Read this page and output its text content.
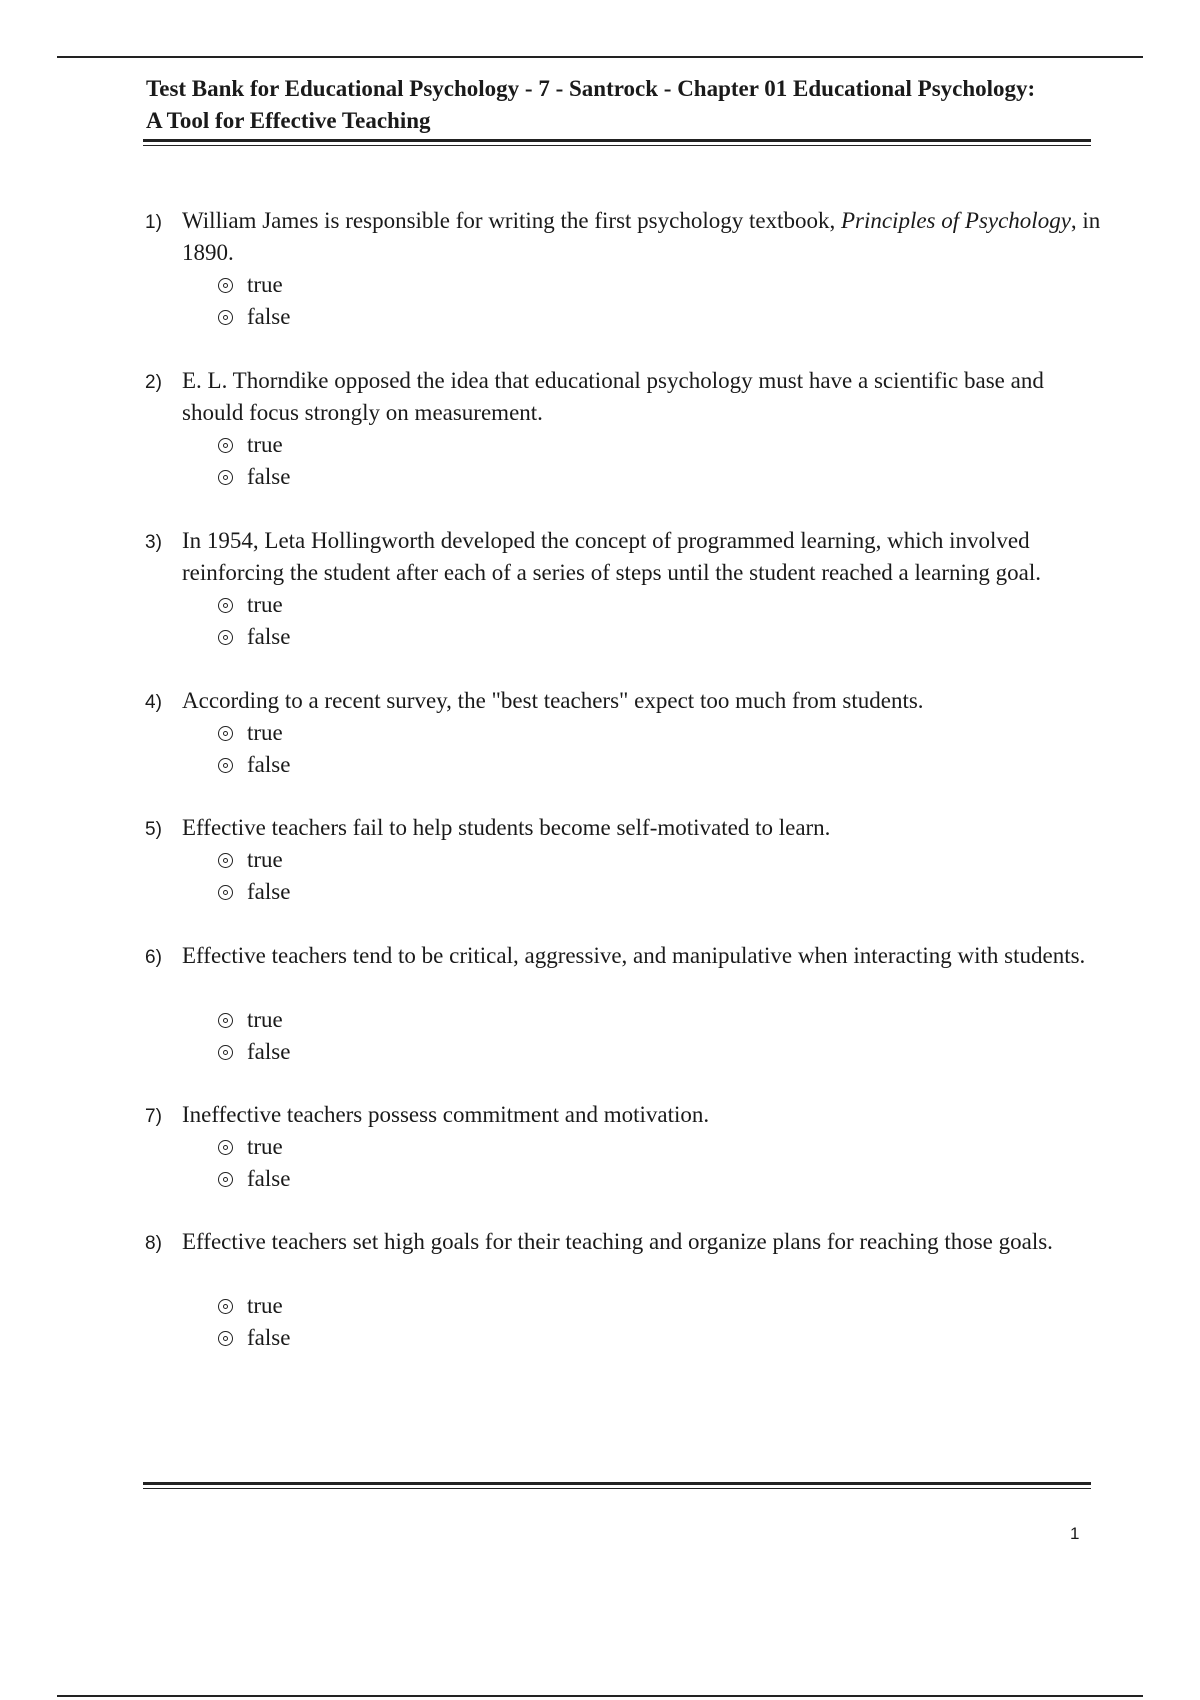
Test Bank for Educational Psychology - 7 - Santrock - Chapter 01 Educational Psychology:
A Tool for Effective Teaching
1) William James is responsible for writing the first psychology textbook, Principles of Psychology, in 1890.
true
false
2) E. L. Thorndike opposed the idea that educational psychology must have a scientific base and should focus strongly on measurement.
true
false
3) In 1954, Leta Hollingworth developed the concept of programmed learning, which involved reinforcing the student after each of a series of steps until the student reached a learning goal.
true
false
4) According to a recent survey, the "best teachers" expect too much from students.
true
false
5) Effective teachers fail to help students become self-motivated to learn.
true
false
6) Effective teachers tend to be critical, aggressive, and manipulative when interacting with students.
true
false
7) Ineffective teachers possess commitment and motivation.
true
false
8) Effective teachers set high goals for their teaching and organize plans for reaching those goals.
true
false
1
